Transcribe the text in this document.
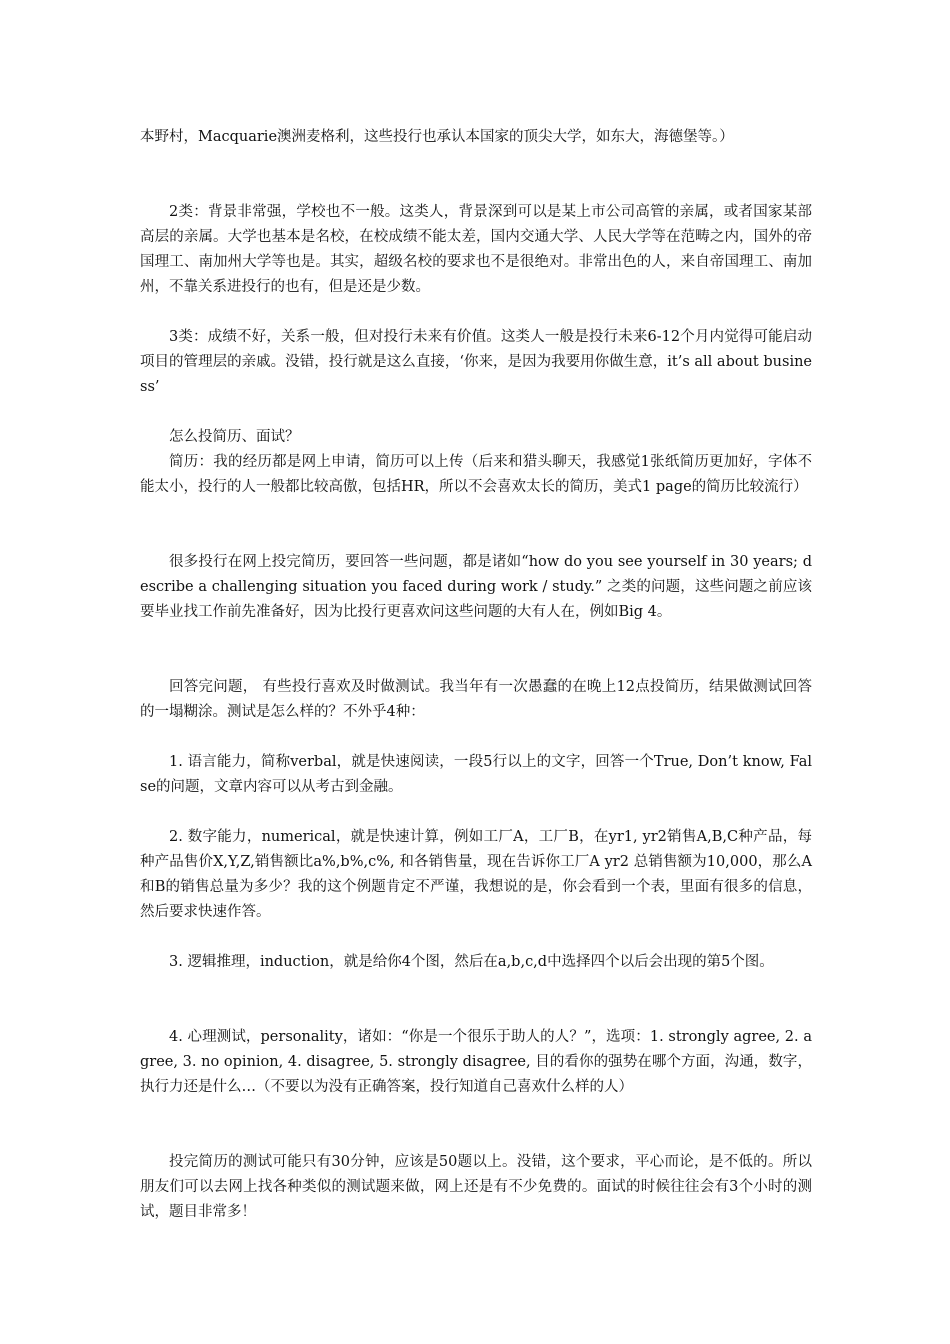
本野村，Macquarie澳洲麦格利，这些投行也承认本国家的顶尖大学，如东大，海德堡等。）

2类：背景非常强，学校也不一般。这类人，背景深到可以是某上市公司高管的亲属，或者国家某部高层的亲属。大学也基本是名校，在校成绩不能太差，国内交通大学、人民大学等在范畴之内，国外的帝国理工、南加州大学等也是。其实，超级名校的要求也不是很绝对。非常出色的人，来自帝国理工、南加州，不靠关系进投行的也有，但是还是少数。

3类：成绩不好，关系一般，但对投行未来有价值。这类人一般是投行未来6-12个月内觉得可能启动项目的管理层的亲戚。没错，投行就是这么直接，‘你来，是因为我要用你做生意，it’s all about business’

怎么投简历、面试？

简历：我的经历都是网上申请，简历可以上传（后来和猎头聊天，我感觉1张纸简历更加好，字体不能太小，投行的人一般都比较高傲，包括HR，所以不会喜欢太长的简历，美式1 page的简历比较流行）

很多投行在网上投完简历，要回答一些问题，都是诸如“how do you see yourself in 30 years; describe a challenging situation you faced during work / study.” 之类的问题，这些问题之前应该要毕业找工作前先准备好，因为比投行更喜欢问这些问题的大有人在，例如Big 4。

回答完问题， 有些投行喜欢及时做测试。我当年有一次愚蠢的在晚上12点投简历，结果做测试回答的一塌糊涂。测试是怎么样的？不外乎4种：

1. 语言能力，简称verbal，就是快速阅读，一段5行以上的文字，回答一个True, Don’t know, False的问题，文章内容可以从考古到金融。

2. 数字能力，numerical，就是快速计算，例如工厂A，工厂B，在yr1, yr2销售A,B,C种产品，每种产品售价X,Y,Z,销售额比a%,b%,c%, 和各销售量，现在告诉你工厂A yr2 总销售额为10,000，那么A和B的销售总量为多少？我的这个例题肯定不严谨，我想说的是，你会看到一个表，里面有很多的信息，然后要求快速作答。

3. 逻辑推理，induction，就是给你4个图，然后在a,b,c,d中选择四个以后会出现的第5个图。

4. 心理测试，personality，诸如：“你是一个很乐于助人的人？”，选项：1. strongly agree, 2. agree, 3. no opinion, 4. disagree, 5. strongly disagree, 目的看你的强势在哪个方面，沟通，数字，执行力还是什么…（不要以为没有正确答案，投行知道自己喜欢什么样的人）

投完简历的测试可能只有30分钟，应该是50题以上。没错，这个要求，平心而论，是不低的。所以朋友们可以去网上找各种类似的测试题来做，网上还是有不少免费的。面试的时候往往会有3个小时的测试，题目非常多！
